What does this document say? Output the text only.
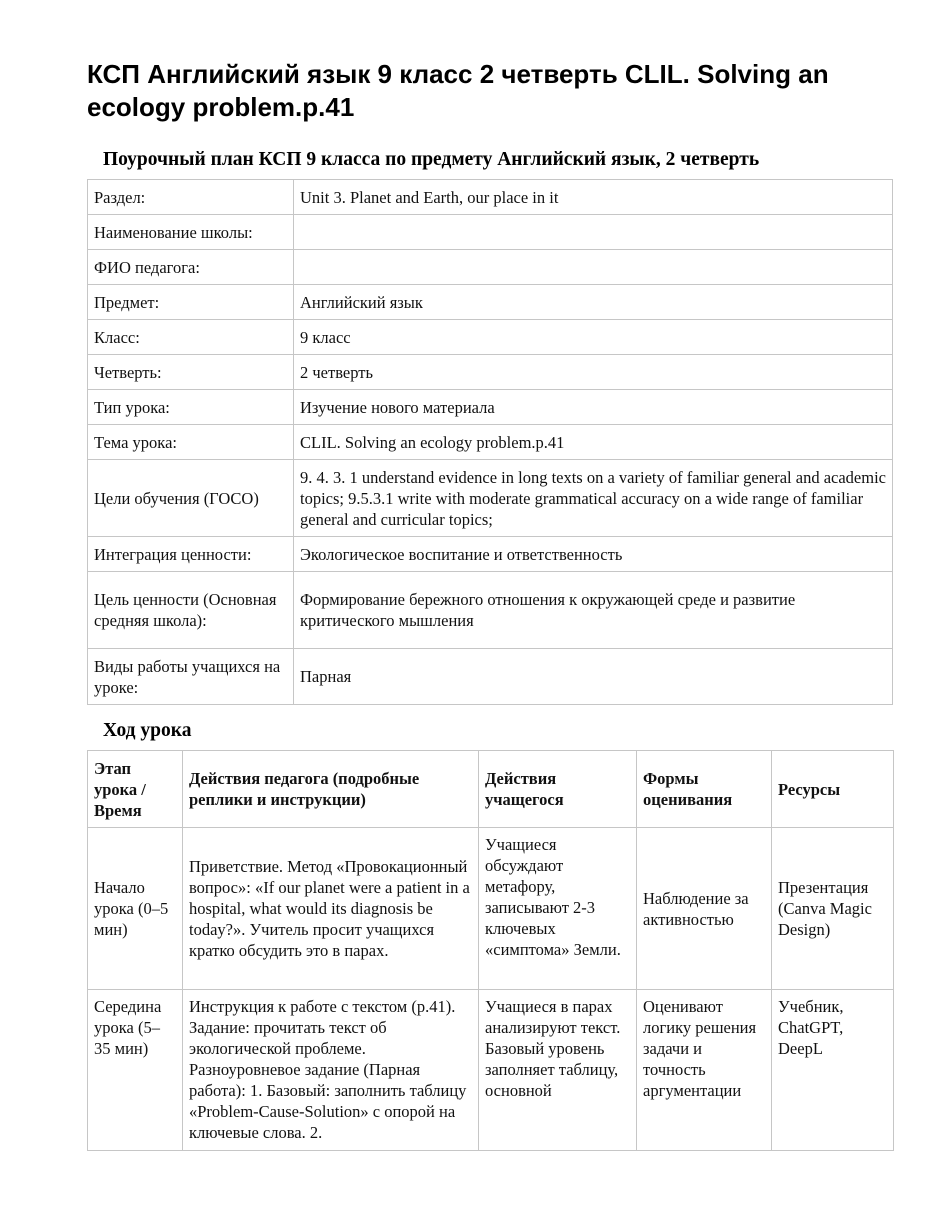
КСП Английский язык 9 класс 2 четверть CLIL. Solving an ecology problem.p.41
Поурочный план КСП 9 класса по предмету Английский язык, 2 четверть
Раздел:	Unit 3. Planet and Earth, our place in it
Наименование школы:	
ФИО педагога:	
Предмет:	Английский язык
Класс:	9 класс
Четверть:	2 четверть
Тип урока:	Изучение нового материала
Тема урока:	CLIL. Solving an ecology problem.p.41
Цели обучения (ГОСО)	9. 4. 3. 1 understand evidence in long texts on a variety of familiar general and academic topics; 9.5.3.1 write with moderate grammatical accuracy on a wide range of familiar general and curricular topics;
Интеграция ценности:	Экологическое воспитание и ответственность
Цель ценности (Основная средняя школа):	Формирование бережного отношения к окружающей среде и развитие критического мышления
Виды работы учащихся на уроке:	Парная
Ход урока
Этап урока / Время	Действия педагога (подробные реплики и инструкции)	Действия учащегося	Формы оценивания	Ресурсы
Начало урока (0–5 мин)	Приветствие. Метод «Провокационный вопрос»: «If our planet were a patient in a hospital, what would its diagnosis be today?». Учитель просит учащихся кратко обсудить это в парах.	Учащиеся обсуждают метафору, записывают 2-3 ключевых «симптома» Земли.	Наблюдение за активностью	Презентация (Canva Magic Design)
Середина урока (5–35 мин)	Инструкция к работе с текстом (p.41). Задание: прочитать текст об экологической проблеме. Разноуровневое задание (Парная работа): 1. Базовый: заполнить таблицу «Problem-Cause-Solution» с опорой на ключевые слова. 2.	Учащиеся в парах анализируют текст. Базовый уровень заполняет таблицу, основной	Оценивают логику решения задачи и точность аргументации	Учебник, ChatGPT, DeepL
